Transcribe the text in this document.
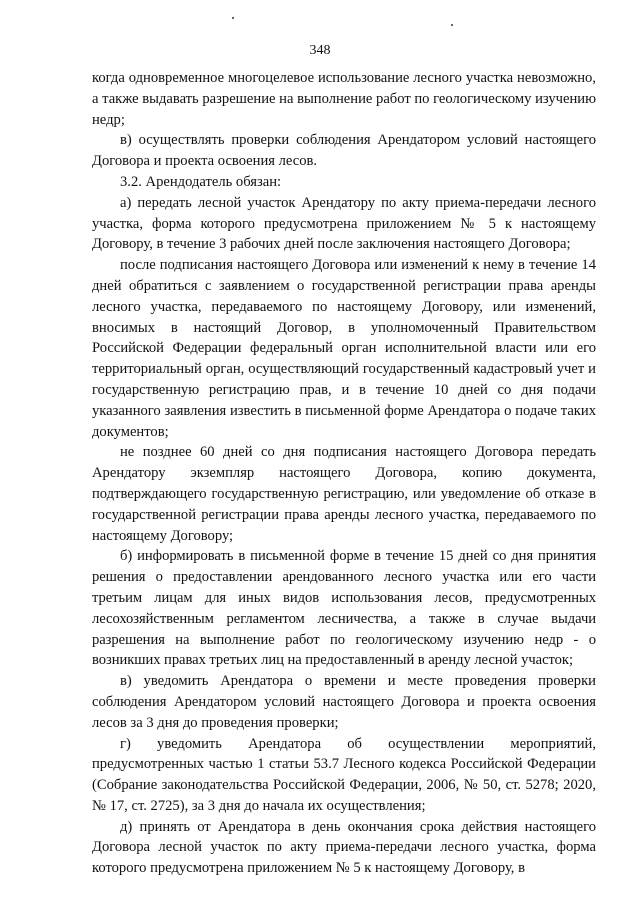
348

когда одновременное многоцелевое использование лесного участка невозможно, а также выдавать разрешение на выполнение работ по геологическому изучению недр;

в) осуществлять проверки соблюдения Арендатором условий настоящего Договора и проекта освоения лесов.

3.2. Арендодатель обязан:

а) передать лесной участок Арендатору по акту приема-передачи лесного участка, форма которого предусмотрена приложением № 5 к настоящему Договору, в течение 3 рабочих дней после заключения настоящего Договора;

после подписания настоящего Договора или изменений к нему в течение 14 дней обратиться с заявлением о государственной регистрации права аренды лесного участка, передаваемого по настоящему Договору, или изменений, вносимых в настоящий Договор, в уполномоченный Правительством Российской Федерации федеральный орган исполнительной власти или его территориальный орган, осуществляющий государственный кадастровый учет и государственную регистрацию прав, и в течение 10 дней со дня подачи указанного заявления известить в письменной форме Арендатора о подаче таких документов;

не позднее 60 дней со дня подписания настоящего Договора передать Арендатору экземпляр настоящего Договора, копию документа, подтверждающего государственную регистрацию, или уведомление об отказе в государственной регистрации права аренды лесного участка, передаваемого по настоящему Договору;

б) информировать в письменной форме в течение 15 дней со дня принятия решения о предоставлении арендованного лесного участка или его части третьим лицам для иных видов использования лесов, предусмотренных лесохозяйственным регламентом лесничества, а также в случае выдачи разрешения на выполнение работ по геологическому изучению недр - о возникших правах третьих лиц на предоставленный в аренду лесной участок;

в) уведомить Арендатора о времени и месте проведения проверки соблюдения Арендатором условий настоящего Договора и проекта освоения лесов за 3 дня до проведения проверки;

г) уведомить Арендатора об осуществлении мероприятий, предусмотренных частью 1 статьи 53.7 Лесного кодекса Российской Федерации (Собрание законодательства Российской Федерации, 2006, № 50, ст. 5278; 2020, № 17, ст. 2725), за 3 дня до начала их осуществления;

д) принять от Арендатора в день окончания срока действия настоящего Договора лесной участок по акту приема-передачи лесного участка, форма которого предусмотрена приложением № 5 к настоящему Договору, в
